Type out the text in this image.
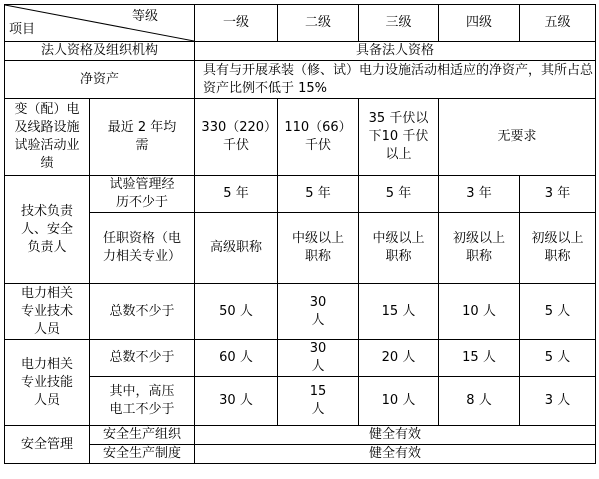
等级
项目		一级	二级	三级	四级	五级
法人资格及组织机构		具备法人资格				
净资产		具有与开展承装（修、试）电力设施活动相适应的净资产，其所占总资产比例不低于 15%				
变（配）电及线路设施试验活动业绩	最近 2 年均需	330（220）千伏	110（66）千伏	35 千伏以下10 千伏以上	无要求	
技术负责人、安全负责人	试验管理经历不少于	5 年	5 年	5 年	3 年	3 年
	任职资格（电力相关专业）	高级职称	中级以上职称	中级以上职称	初级以上职称	初级以上职称
电力相关专业技术人员	总数不少于	50 人	30人	15 人	10 人	5 人
电力相关专业技能人员	总数不少于	60 人	30人	20 人	15 人	5 人
	其中，高压电工不少于	30 人	15人	10 人	8 人	3 人
安全管理	安全生产组织	健全有效				
	安全生产制度	健全有效				
